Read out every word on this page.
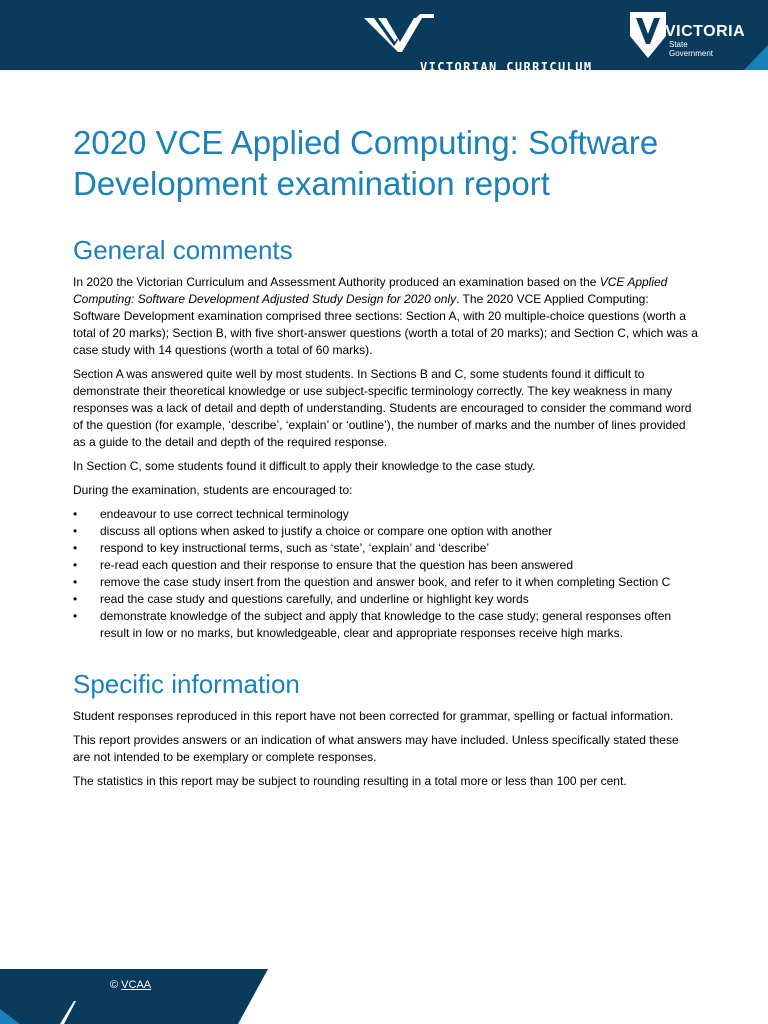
VICTORIAN CURRICULUM

AND ASSESSMENT AUTHORITY

VICTORIA
State
Government
2020 VCE Applied Computing: Software Development examination report
General comments

In 2020 the Victorian Curriculum and Assessment Authority produced an examination based on the VCE Applied Computing: Software Development Adjusted Study Design for 2020 only. The 2020 VCE Applied Computing: Software Development examination comprised three sections: Section A, with 20 multiple-choice questions (worth a total of 20 marks); Section B, with five short-answer questions (worth a total of 20 marks); and Section C, which was a case study with 14 questions (worth a total of 60 marks).

Section A was answered quite well by most students. In Sections B and C, some students found it difficult to demonstrate their theoretical knowledge or use subject-specific terminology correctly. The key weakness in many responses was a lack of detail and depth of understanding. Students are encouraged to consider the command word of the question (for example, ‘describe’, ‘explain’ or ‘outline’), the number of marks and the number of lines provided as a guide to the detail and depth of the required response.

In Section C, some students found it difficult to apply their knowledge to the case study.

During the examination, students are encouraged to:

• endeavour to use correct technical terminology
• discuss all options when asked to justify a choice or compare one option with another
• respond to key instructional terms, such as ‘state’, ‘explain’ and ‘describe’
• re-read each question and their response to ensure that the question has been answered
• remove the case study insert from the question and answer book, and refer to it when completing Section C
• read the case study and questions carefully, and underline or highlight key words
• demonstrate knowledge of the subject and apply that knowledge to the case study; general responses often result in low or no marks, but knowledgeable, clear and appropriate responses receive high marks.
Specific information

Student responses reproduced in this report have not been corrected for grammar, spelling or factual information.

This report provides answers or an indication of what answers may have included. Unless specifically stated these are not intended to be exemplary or complete responses.

The statistics in this report may be subject to rounding resulting in a total more or less than 100 per cent.

© VCAA
